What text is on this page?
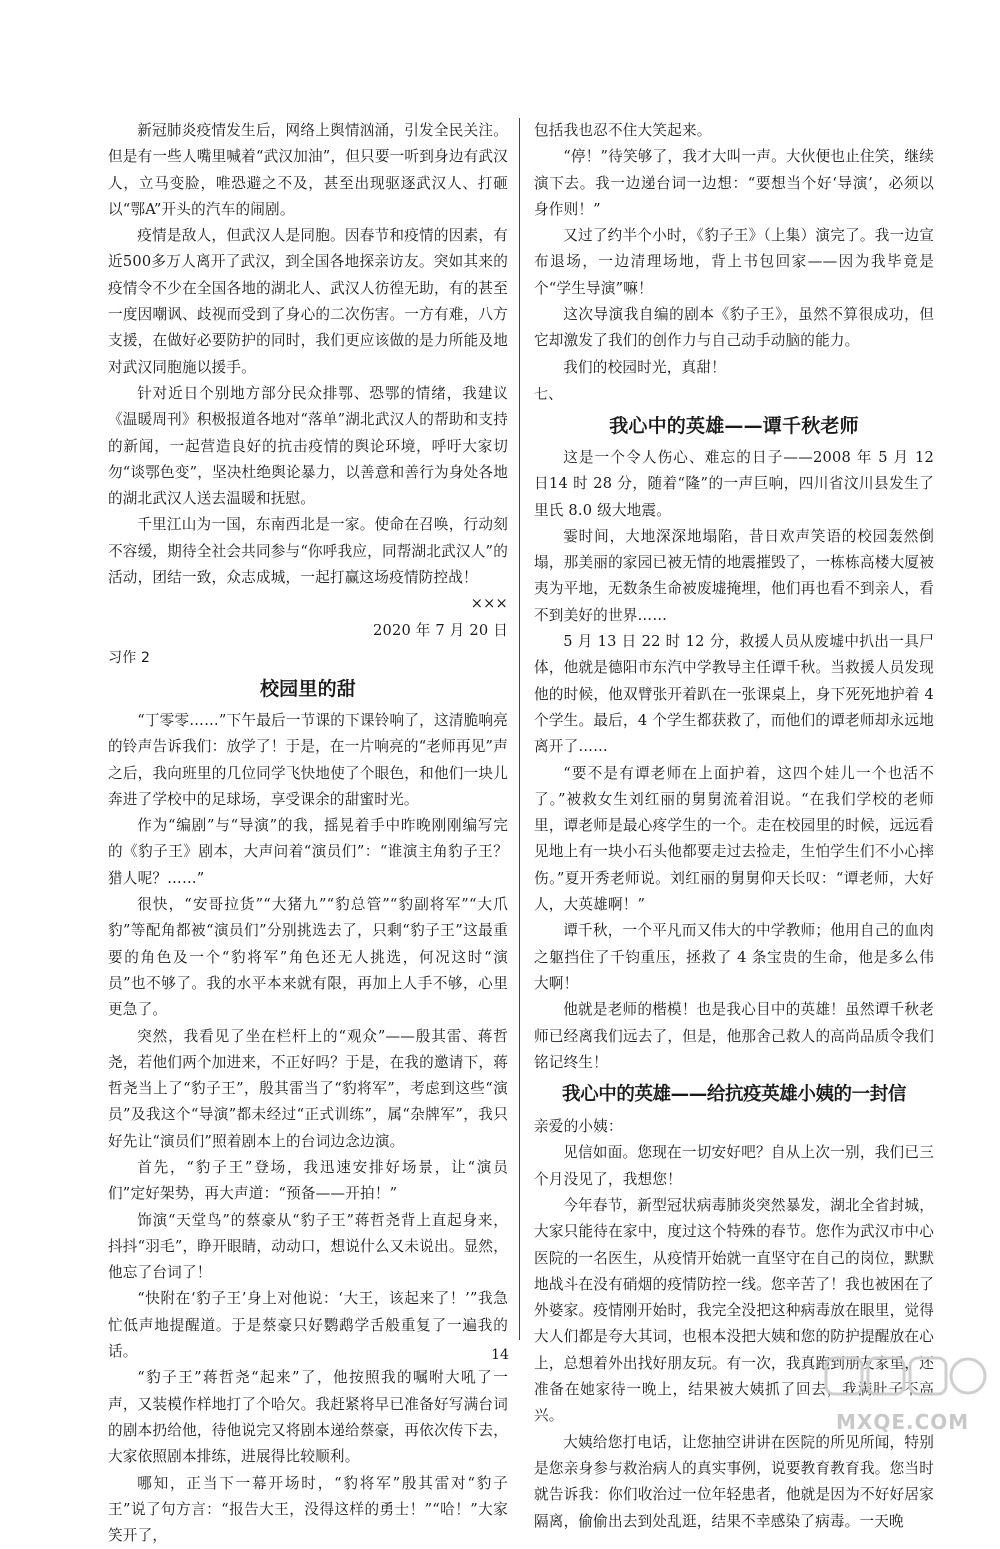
新冠肺炎疫情发生后，网络上舆情汹涌，引发全民关注。但是有一些人嘴里喊着“武汉加油”，但只要一听到身边有武汉人，立马变脸，唯恐避之不及，甚至出现驱逐武汉人、打砸以“鄂A”开头的汽车的闹剧。

疫情是敌人，但武汉人是同胞。因春节和疫情的因素，有近500多万人离开了武汉，到全国各地探亲访友。突如其来的疫情令不少在全国各地的湖北人、武汉人彷徨无助，有的甚至一度因嘲讽、歧视而受到了身心的二次伤害。一方有难，八方支援，在做好必要防护的同时，我们更应该做的是力所能及地对武汉同胞施以援手。

针对近日个别地方部分民众排鄂、恐鄂的情绪，我建议《温暖周刊》积极报道各地对“落单”湖北武汉人的帮助和支持的新闻，一起营造良好的抗击疫情的舆论环境，呼吁大家切勿“谈鄂色变”，坚决杜绝舆论暴力，以善意和善行为身处各地的湖北武汉人送去温暖和抚慰。

千里江山为一国，东南西北是一家。使命在召唤，行动刻不容缓，期待全社会共同参与“你呼我应，同帮湖北武汉人”的活动，团结一致，众志成城，一起打赢这场疫情防控战！

×××
2020 年 7 月 20 日
习作 2
校园里的甜

“丁零零……”下午最后一节课的下课铃响了，这清脆响亮的铃声告诉我们：放学了！于是，在一片响亮的“老师再见”声之后，我向班里的几位同学飞快地使了个眼色，和他们一块儿奔进了学校中的足球场，享受课余的甜蜜时光。

作为“编剧”与“导演”的我，摇晃着手中昨晚刚刚编写完的《豹子王》剧本，大声问着“演员们”：“谁演主角豹子王？猎人呢？……”

很快，“安哥拉货”“大猪九”“豹总管”“豹副将军”“大爪豹”等配角都被“演员们”分别挑选去了，只剩“豹子王”这最重要的角色及一个“豹将军”角色还无人挑选，何况这时“演员”也不够了。我的水平本来就有限，再加上人手不够，心里更急了。

突然，我看见了坐在栏杆上的“观众”——殷其雷、蒋哲尧，若他们两个加进来，不正好吗？于是，在我的邀请下，蒋哲尧当上了“豹子王”，殷其雷当了“豹将军”，考虑到这些“演员”及我这个“导演”都未经过“正式训练”，属“杂牌军”，我只好先让“演员们”照着剧本上的台词边念边演。

首先，“豹子王”登场，我迅速安排好场景，让“演员们”定好架势，再大声道：“预备——开拍！”

饰演“天堂鸟”的蔡豪从“豹子王”蒋哲尧背上直起身来，抖抖“羽毛”，睁开眼睛，动动口，想说什么又未说出。显然，他忘了台词了！

“快附在‘豹子王’身上对他说：‘大王，该起来了！’”我急忙低声地提醒道。于是蔡豪只好鹦鹉学舌般重复了一遍我的话。

“豹子王”蒋哲尧“起来”了，他按照我的嘱咐大吼了一声，又装模作样地打了个哈欠。我赶紧将早已准备好写满台词的剧本扔给他，待他说完又将剧本递给蔡豪，再依次传下去，大家依照剧本排练，进展得比较顺利。

哪知，正当下一幕开场时，“豹将军”殷其雷对“豹子王”说了句方言：“报告大王，没得这样的勇士！”“哈！”大家笑开了，

包括我也忍不住大笑起来。

“停！”待笑够了，我才大叫一声。大伙便也止住笑，继续演下去。我一边递台词一边想：“要想当个好‘导演’，必须以身作则！”

又过了约半个小时，《豹子王》（上集）演完了。我一边宣布退场，一边清理场地，背上书包回家——因为我毕竟是个“学生导演”嘛！

这次导演我自编的剧本《豹子王》，虽然不算很成功，但它却激发了我们的创作力与自己动手动脑的能力。

我们的校园时光，真甜！

七、
我心中的英雄——谭千秋老师

这是一个令人伤心、难忘的日子——2008 年 5 月 12 日14 时 28 分，随着“隆”的一声巨响，四川省汶川县发生了里氏 8.0 级大地震。

霎时间，大地深深地塌陷，昔日欢声笑语的校园轰然倒塌，那美丽的家园已被无情的地震摧毁了，一栋栋高楼大厦被夷为平地，无数条生命被废墟掩埋，他们再也看不到亲人，看不到美好的世界……

5 月 13 日 22 时 12 分，救援人员从废墟中扒出一具尸体，他就是德阳市东汽中学教导主任谭千秋。当救援人员发现他的时候，他双臂张开着趴在一张课桌上，身下死死地护着 4 个学生。最后，4 个学生都获救了，而他们的谭老师却永远地离开了……

“要不是有谭老师在上面护着，这四个娃儿一个也活不了。”被救女生刘红丽的舅舅流着泪说。“在我们学校的老师里，谭老师是最心疼学生的一个。走在校园里的时候，远远看见地上有一块小石头他都要走过去捡走，生怕学生们不小心摔伤。”夏开秀老师说。刘红丽的舅舅仰天长叹：“谭老师，大好人，大英雄啊！”

谭千秋，一个平凡而又伟大的中学教师；他用自己的血肉之躯挡住了千钧重压，拯救了 4 条宝贵的生命，他是多么伟大啊！

他就是老师的楷模！也是我心目中的英雄！虽然谭千秋老师已经离我们远去了，但是，他那舍己救人的高尚品质令我们铭记终生！

我心中的英雄——给抗疫英雄小姨的一封信

亲爱的小姨：

见信如面。您现在一切安好吧？自从上次一别，我们已三个月没见了，我想您！

今年春节，新型冠状病毒肺炎突然暴发，湖北全省封城，大家只能待在家中，度过这个特殊的春节。您作为武汉市中心医院的一名医生，从疫情开始就一直坚守在自己的岗位，默默地战斗在没有硝烟的疫情防控一线。您辛苦了！我也被困在了外婆家。疫情刚开始时，我完全没把这种病毒放在眼里，觉得大人们都是夸大其词，也根本没把大姨和您的防护提醒放在心上，总想着外出找好朋友玩。有一次，我真跑到朋友家里，还准备在她家待一晚上，结果被大姨抓了回去，我满肚子不高兴。

大姨给您打电话，让您抽空讲讲在医院的所见所闻，特别是您亲身参与救治病人的真实事例，说要教育教育我。您当时就告诉我：你们收治过一位年轻患者，他就是因为不好好居家隔离，偷偷出去到处乱逛，结果不幸感染了病毒。一天晚

14
MXQE.COM
